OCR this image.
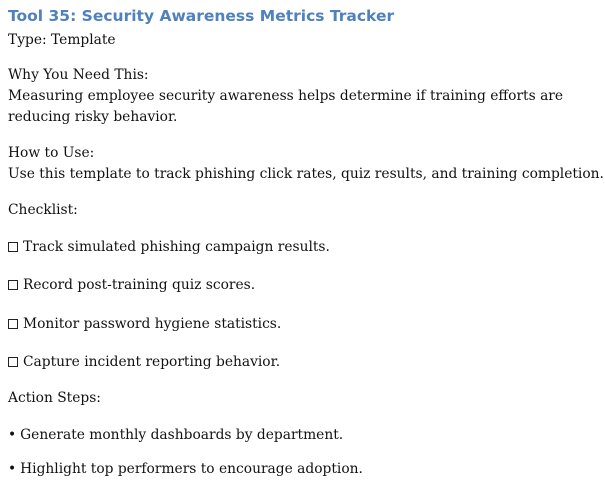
Tool 35: Security Awareness Metrics Tracker
Type: Template
Why You Need This:
Measuring employee security awareness helps determine if training efforts are reducing risky behavior.
How to Use:
Use this template to track phishing click rates, quiz results, and training completion.
Checklist:
Track simulated phishing campaign results.
Record post-training quiz scores.
Monitor password hygiene statistics.
Capture incident reporting behavior.
Action Steps:
• Generate monthly dashboards by department.
• Highlight top performers to encourage adoption.
